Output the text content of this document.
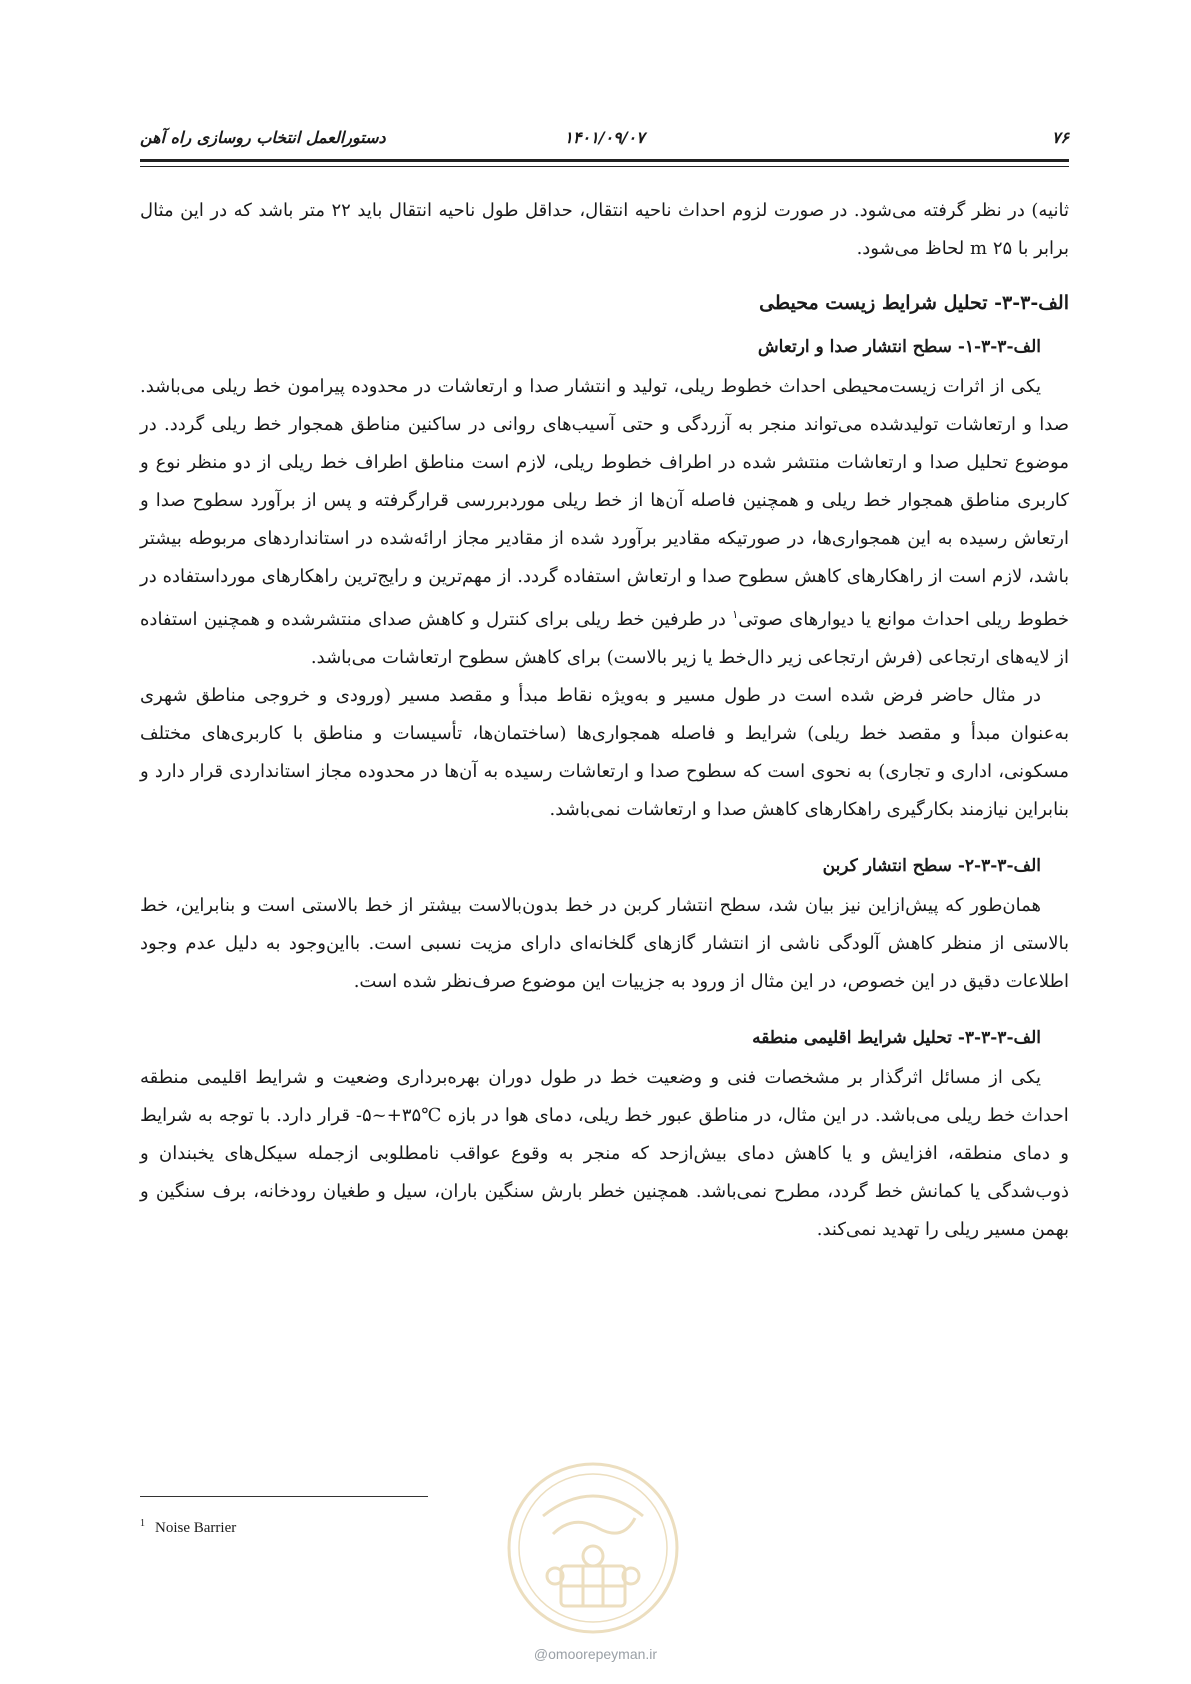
۷۶
۱۴۰۱/۰۹/۰۷
دستورالعمل انتخاب روسازی راه آهن

ثانیه) در نظر گرفته می‌شود. در صورت لزوم احداث ناحیه انتقال، حداقل طول ناحیه انتقال باید ۲۲ متر باشد که در این مثال برابر با ۲۵ m لحاظ می‌شود.

الف-۳-۳- تحلیل شرایط زیست محیطی
الف-۳-۳-۱- سطح انتشار صدا و ارتعاش

یکی از اثرات زیست‌محیطی احداث خطوط ریلی، تولید و انتشار صدا و ارتعاشات در محدوده پیرامون خط ریلی می‌باشد. صدا و ارتعاشات تولیدشده می‌تواند منجر به آزردگی و حتی آسیب‌های روانی در ساکنین مناطق همجوار خط ریلی گردد. در موضوع تحلیل صدا و ارتعاشات منتشر شده در اطراف خطوط ریلی، لازم است مناطق اطراف خط ریلی از دو منظر نوع و کاربری مناطق همجوار خط ریلی و همچنین فاصله آن‌ها از خط ریلی موردبررسی قرارگرفته و پس از برآورد سطوح صدا و ارتعاش رسیده به این همجواری‌ها، در صورتیکه مقادیر برآورد شده از مقادیر مجاز ارائه‌شده در استانداردهای مربوطه بیشتر باشد، لازم است از راهکارهای کاهش سطوح صدا و ارتعاش استفاده گردد. از مهم‌ترین و رایج‌ترین راهکارهای مورداستفاده در خطوط ریلی احداث موانع یا دیوارهای صوتی$^۱$ در طرفین خط ریلی برای کنترل و کاهش صدای منتشرشده و همچنین استفاده از لایه‌های ارتجاعی (فرش ارتجاعی زیر دال‌خط یا زیر بالاست) برای کاهش سطوح ارتعاشات می‌باشد.

در مثال حاضر فرض شده است در طول مسیر و به‌ویژه نقاط مبدأ و مقصد مسیر (ورودی و خروجی مناطق شهری به‌عنوان مبدأ و مقصد خط ریلی) شرایط و فاصله همجواری‌ها (ساختمان‌ها، تأسیسات و مناطق با کاربری‌های مختلف مسکونی، اداری و تجاری) به نحوی است که سطوح صدا و ارتعاشات رسیده به آن‌ها در محدوده مجاز استانداردی قرار دارد و بنابراین نیازمند بکارگیری راهکارهای کاهش صدا و ارتعاشات نمی‌باشد.

الف-۳-۳-۲- سطح انتشار کربن

همان‌طور که پیش‌ازاین نیز بیان شد، سطح انتشار کربن در خط بدون‌بالاست بیشتر از خط بالاستی است و بنابراین، خط بالاستی از منظر کاهش آلودگی ناشی از انتشار گازهای گلخانه‌ای دارای مزیت نسبی است. بااین‌وجود به دلیل عدم وجود اطلاعات دقیق در این خصوص، در این مثال از ورود به جزییات این موضوع صرف‌نظر شده است.

الف-۳-۳-۳- تحلیل شرایط اقلیمی منطقه

یکی از مسائل اثرگذار بر مشخصات فنی و وضعیت خط در طول دوران بهره‌برداری وضعیت و شرایط اقلیمی منطقه احداث خط ریلی می‌باشد. در این مثال، در مناطق عبور خط ریلی، دمای هوا در بازه ℃۳۵+~۵- قرار دارد. با توجه به شرایط و دمای منطقه، افزایش و یا کاهش دمای بیش‌ازحد که منجر به وقوع عواقب نامطلوبی ازجمله سیکل‌های یخبندان و ذوب‌شدگی یا کمانش خط گردد، مطرح نمی‌باشد. همچنین خطر بارش سنگین باران، سیل و طغیان رودخانه، برف سنگین و بهمن مسیر ریلی را تهدید نمی‌کند.

$^1$ Noise Barrier
@omoorepeyman.ir
